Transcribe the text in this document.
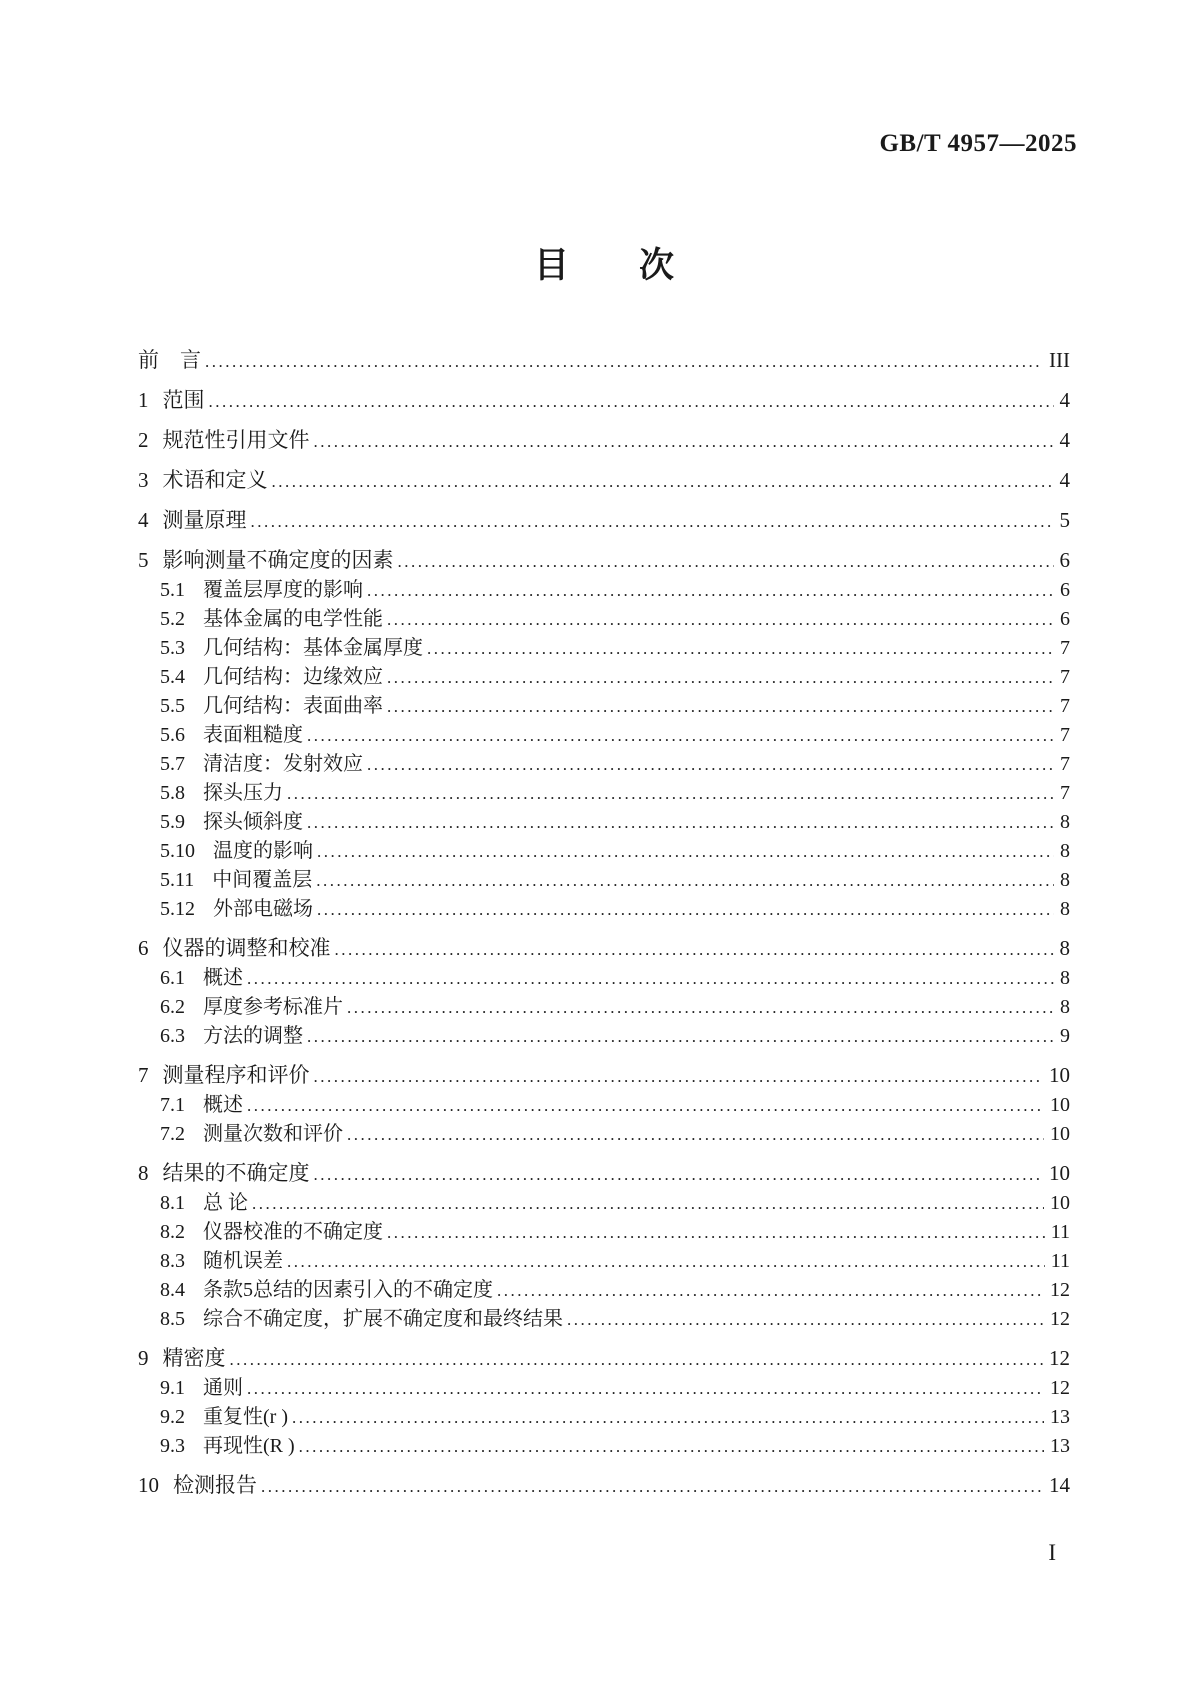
GB/T 4957—2025
目　　次
前　言 .....	III
1 范围 .....	4
2 规范性引用文件 .....	4
3 术语和定义 .....	4
4 测量原理 .....	5
5 影响测量不确定度的因素 .....	6
5.1 覆盖层厚度的影响 .....	6
5.2 基体金属的电学性能 .....	6
5.3 几何结构：基体金属厚度 .....	7
5.4 几何结构：边缘效应 .....	7
5.5 几何结构：表面曲率 .....	7
5.6 表面粗糙度 .....	7
5.7 清洁度：发射效应 .....	7
5.8 探头压力 .....	7
5.9 探头倾斜度 .....	8
5.10 温度的影响 .....	8
5.11 中间覆盖层 .....	8
5.12 外部电磁场 .....	8
6 仪器的调整和校准 .....	8
6.1 概述 .....	8
6.2 厚度参考标准片 .....	8
6.3 方法的调整 .....	9
7 测量程序和评价 .....	10
7.1 概述 .....	10
7.2 测量次数和评价 .....	10
8 结果的不确定度 .....	10
8.1 总 论 .....	10
8.2 仪器校准的不确定度 .....	11
8.3 随机误差 .....	11
8.4 条款5总结的因素引入的不确定度 .....	12
8.5 综合不确定度，扩展不确定度和最终结果 .....	12
9 精密度 .....	12
9.1 通则 .....	12
9.2 重复性(r ) .....	13
9.3 再现性(R ) .....	13
10 检测报告 .....	14
I
